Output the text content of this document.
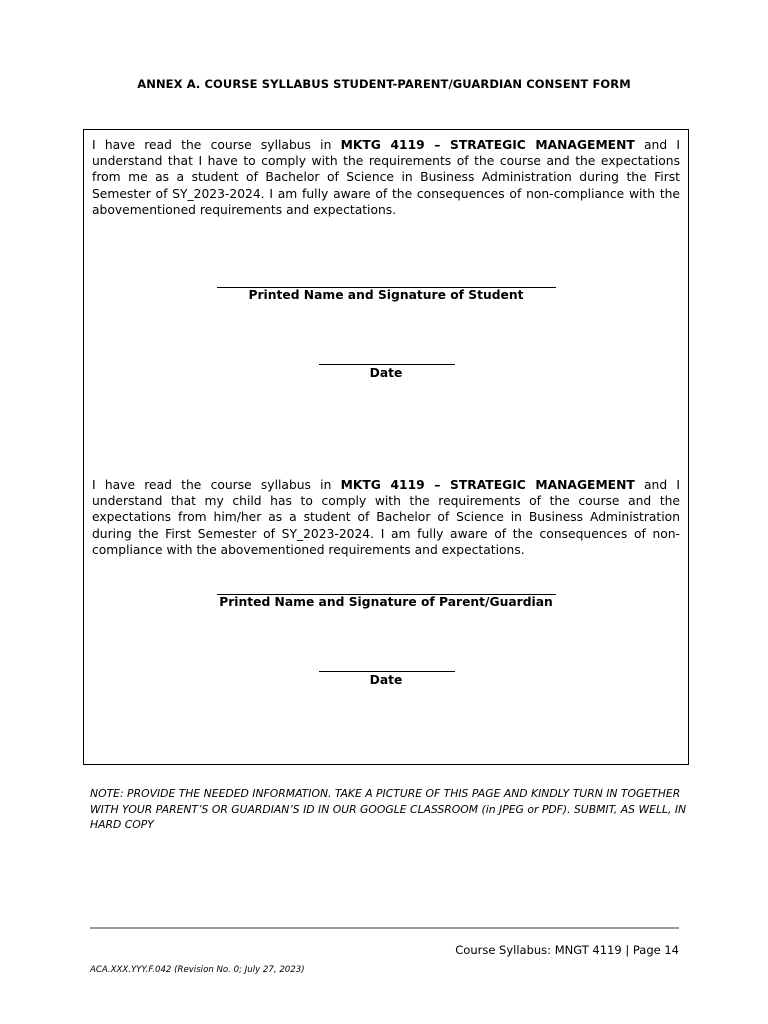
ANNEX A. COURSE SYLLABUS STUDENT-PARENT/GUARDIAN CONSENT FORM
I have read the course syllabus in MKTG 4119 – STRATEGIC MANAGEMENT and I understand that I have to comply with the requirements of the course and the expectations from me as a student of Bachelor of Science in Business Administration during the First Semester of SY_2023-2024. I am fully aware of the consequences of non-compliance with the abovementioned requirements and expectations.
Printed Name and Signature of Student
Date
I have read the course syllabus in MKTG 4119 – STRATEGIC MANAGEMENT and I understand that my child has to comply with the requirements of the course and the expectations from him/her as a student of Bachelor of Science in Business Administration during the First Semester of SY_2023-2024. I am fully aware of the consequences of non-compliance with the abovementioned requirements and expectations.
Printed Name and Signature of Parent/Guardian
Date
NOTE: PROVIDE THE NEEDED INFORMATION. TAKE A PICTURE OF THIS PAGE AND KINDLY TURN IN TOGETHER WITH YOUR PARENT’S OR GUARDIAN’S ID IN OUR GOOGLE CLASSROOM (in JPEG or PDF). SUBMIT, AS WELL, IN HARD COPY
Course Syllabus: MNGT 4119 | Page 14
ACA.XXX.YYY.F.042 (Revision No. 0; July 27, 2023)
